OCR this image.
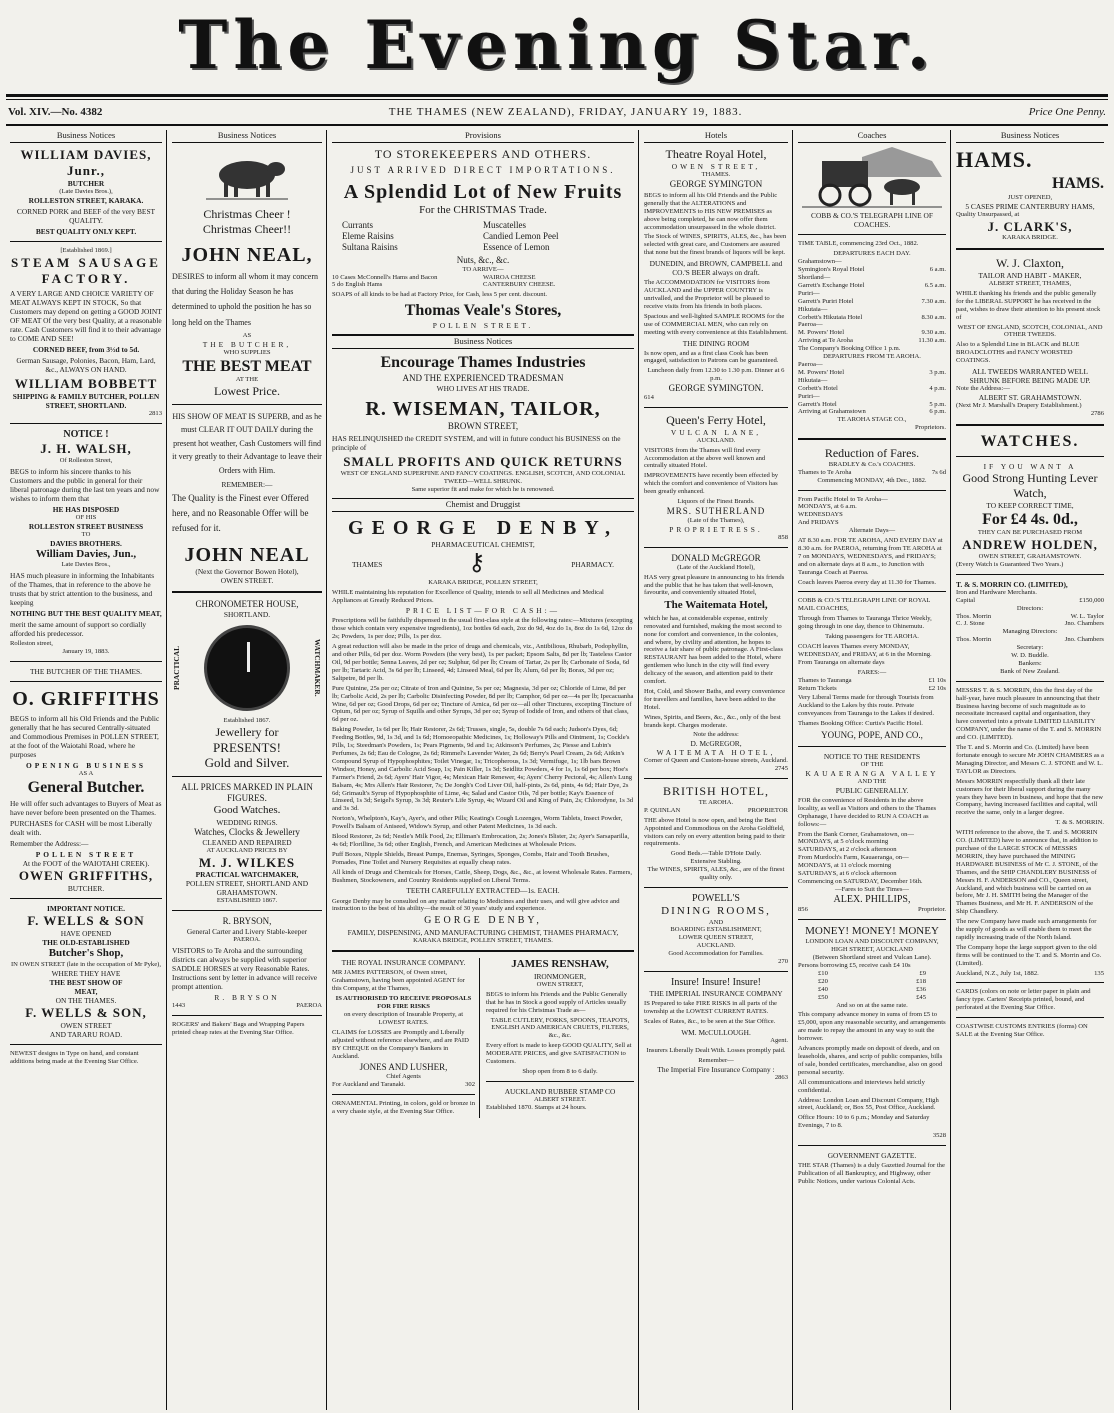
The Evening Star.
Vol. XIV.—No. 4382	THE THAMES (NEW ZEALAND), FRIDAY, JANUARY 19, 1883.	Price One Penny.
Business Notices
WILLIAM DAVIES, Junr.,
BUTCHER
(Late Davies Bros.),
ROLLESTON STREET, KARAKA.

CORNED PORK and BEEF of the very BEST QUALITY.

BEST QUALITY ONLY KEPT.

[Established 1869.]
STEAM SAUSAGE FACTORY.

A VERY LARGE AND CHOICE VARIETY OF MEAT ALWAYS KEPT IN STOCK, So that Customers may depend on getting a GOOD JOINT OF MEAT Of the very best Quality, at a reasonable rate. Cash Customers will find it to their advantage to COME AND SEE!

CORNED BEEF, from 3½d to 5d.

German Sausage, Polonies, Bacon, Ham, Lard, &c., ALWAYS ON HAND.

WILLIAM BOBBETT
SHIPPING & FAMILY BUTCHER, POLLEN STREET, SHORTLAND.
2813
NOTICE !
J. H. WALSH,
Of Rolleston Street,

BEGS to inform his sincere thanks to his Customers and the public in general for their liberal patronage during the last ten years and now wishes to inform them that

HE HAS DISPOSED
OF HIS
ROLLESTON STREET BUSINESS
TO
DAVIES BROTHERS.
William Davies, Jun.,
Late Davies Bros.,

HAS much pleasure in informing the Inhabitants of the Thames, that in reference to the above he trusts that by strict attention to the business, and keeping

NOTHING BUT THE BEST QUALITY MEAT,

merit the same amount of support so cordially afforded his predecessor.

Rolleston street,
January 19, 1883.
THE BUTCHER OF THE THAMES.
O. GRIFFITHS

BEGS to inform all his Old Friends and the Public generally that he has secured Centrally-situated and Commodious Premises in POLLEN STREET, at the foot of the Waiotahi Road, where he purposes

OPENING BUSINESS
AS A
General Butcher.

He will offer such advantages to Buyers of Meat as have never before been presented on the Thames.

PURCHASES for CASH will be most Liberally dealt with.

Remember the Address:—

POLLEN STREET
At the FOOT of the WAIOTAHI CREEK).
OWEN GRIFFITHS,
BUTCHER.
IMPORTANT NOTICE.
F. WELLS & SON
HAVE OPENED
THE OLD-ESTABLISHED
Butcher's Shop,
IN OWEN STREET (late in the occupation of Mr Pyke),
WHERE THEY HAVE
THE BEST SHOW OF
MEAT,
ON THE THAMES.
F. WELLS & SON,
OWEN STREET
AND TARARU ROAD.

NEWEST designs in Type on hand, and constant additions being made at the Evening Star Office.

Business Notices
Christmas Cheer !
Christmas Cheer!!
JOHN NEAL,

DESIRES to inform all whom it may concern that during the Holiday Season he has determined to uphold the position he has so long held on the Thames

AS
THE BUTCHER,
WHO SUPPLIES
THE BEST MEAT
AT THE
Lowest Price.

HIS SHOW OF MEAT IS SUPERB, and as he must CLEAR IT OUT DAILY during the present hot weather, Cash Customers will find it very greatly to their Advantage to leave their Orders with Him.

REMEMBER:—

The Quality is the Finest ever Offered here, and no Reasonable Offer will be refused for it.

JOHN NEAL
(Next the Governor Bowen Hotel),
OWEN STREET.
CHRONOMETER HOUSE,
SHORTLAND.
PRACTICAL	WATCHMAKER.
Established 1867.
Jewellery for
PRESENTS!
Gold and Silver.
ALL PRICES MARKED IN PLAIN FIGURES.
Good Watches.
WEDDING RINGS.
Watches, Clocks & Jewellery
CLEANED AND REPAIRED
AT AUCKLAND PRICES BY
M. J. WILKES
PRACTICAL WATCHMAKER,
POLLEN STREET, SHORTLAND AND GRAHAMSTOWN.
ESTABLISHED 1867.
R. BRYSON,
General Carter and Livery Stable-keeper
PAEROA.

VISITORS to Te Aroha and the surrounding districts can always be supplied with superior SADDLE HORSES at very Reasonable Rates. Instructions sent by letter in advance will receive prompt attention.

R. BRYSON
1443	PAEROA

ROGERS' and Bakers' Bags and Wrapping Papers printed cheap rates at the Evening Star Office.

Provisions
TO STOREKEEPERS AND OTHERS.
JUST ARRIVED DIRECT IMPORTATIONS.
A Splendid Lot of New Fruits
For the CHRISTMAS Trade.
Currants	Muscatelles
Eleme Raisins	Candied Lemon Peel
Sultana Raisins	Essence of Lemon
Nuts, &c., &c.
TO ARRIVE—
10 Cases McConnell's Hams and Bacon	WAIROA CHEESE
5 do English Hams	CANTERBURY CHEESE.

SOAPS of all kinds to be had at Factory Price, for Cash, less 5 per cent. discount.

Thomas Veale's Stores,
POLLEN STREET.
Business Notices
Encourage Thames Industries
AND THE EXPERIENCED TRADESMAN
WHO LIVES AT HIS TRADE.
R. WISEMAN, TAILOR,
BROWN STREET,

HAS RELINQUISHED the CREDIT SYSTEM, and will in future conduct his BUSINESS on the principle of

SMALL PROFITS AND QUICK RETURNS
WEST OF ENGLAND SUPERFINE AND FANCY COATINGS. ENGLISH, SCOTCH, AND COLONIAL TWEED—WELL SHRUNK.
Same superior fit and make for which he is renowned.
Chemist and Druggist
GEORGE DENBY,
PHARMACEUTICAL CHEMIST,
THAMES	⚷	PHARMACY.
KARAKA BRIDGE, POLLEN STREET,

WHILE maintaining his reputation for Excellence of Quality, intends to sell all Medicines and Medical Appliances at Greatly Reduced Prices.

PRICE LIST—FOR CASH:—

Prescriptions will be faithfully dispensed in the usual first-class style at the following rates:—Mixtures (excepting those which contain very expensive ingredients), 1oz bottles 6d each, 2oz do 9d, 4oz do 1s, 8oz do 1s 6d, 12oz do 2s; Powders, 1s per doz; Pills, 1s per doz.

A great reduction will also be made in the price of drugs and chemicals, viz., Antibilious, Rhubarb, Podophyllin, and other Pills, 6d per doz. Worm Powders (the very best), 1s per packet; Epsom Salts, 8d per lb; Tasteless Castor Oil, 9d per bottle; Senna Leaves, 2d per oz; Sulphur, 6d per lb; Cream of Tartar, 2s per lb; Carbonate of Soda, 6d per lb; Tartaric Acid, 3s 6d per lb; Linseed, 4d; Linseed Meal, 6d per lb; Alum, 6d per lb; Borax, 3d per oz; Saltpetre, 8d per lb.

Pure Quinine, 25s per oz; Citrate of Iron and Quinine, 5s per oz; Magnesia, 3d per oz; Chloride of Lime, 8d per lb; Carbolic Acid, 2s per lb; Carbolic Disinfecting Powder, 8d per lb; Camphor, 6d per oz—4s per lb; Ipecacuanha Wine, 6d per oz; Good Drops, 6d per oz; Tincture of Arnica, 6d per oz—all other Tinctures, excepting Tincture of Opium, 6d per oz; Syrup of Squills and other Syrups, 3d per oz; Syrup of Iodide of Iron, and others of that class, 6d per oz.

Baking Powder, 1s 6d per lb; Hair Restorer, 2s 6d; Trusses, single, 5s, double 7s 6d each; Judson's Dyes, 6d; Feeding Bottles, 9d, 1s 3d, and 1s 6d; Homoeopathic Medicines, 1s; Holloway's Pills and Ointment, 1s; Cockle's Pills, 1s; Steedman's Powders, 1s; Pears Pigments, 9d and 1s; Atkinson's Perfumes, 2s; Piesse and Lubin's Perfumes, 2s 6d; Eau de Cologne, 2s 6d; Rimmel's Lavender Water, 2s 6d; Berry's Pearl Cream, 2s 6d; Aitkin's Compound Syrup of Hypophosphites; Toilet Vinegar, 1s; Tricopherous, 1s 3d; Vermifuge, 1s; 1lb bars Brown Windsor, Honey, and Carbolic Acid Soap, 1s; Pain Killer, 1s 3d; Seidlitz Powders, 4 for 1s, 1s 6d per box; Hoe's Farmer's Friend, 2s 6d; Ayers' Hair Vigor, 4s; Mexican Hair Renewer, 4s; Ayers' Cherry Pectoral, 4s; Allen's Lung Balsam, 4s; Mrs Allen's Hair Restorer, 7s; De Jongh's Cod Liver Oil, half-pints, 2s 6d, pints, 4s 6d; Hair Dye, 2s 6d; Grimault's Syrup of Hypophosphite of Lime, 4s; Salad and Castor Oils, 7d per bottle; Kay's Essence of Linseed, 1s 3d; Seigel's Syrup, 3s 3d; Reuter's Life Syrup, 4s; Wizard Oil and King of Pain, 2s; Chlorodyne, 1s 3d and 3s 3d.

Norton's, Whelpton's, Kay's, Ayer's, and other Pills; Keating's Cough Lozenges, Worm Tablets, Insect Powder, Powell's Balsam of Aniseed, Widow's Syrup, and other Patent Medicines, 1s 3d each.

Blood Restorer, 2s 6d; Nestle's Milk Food, 2s; Elliman's Embrocation, 2s; Jones's Blister, 2s; Ayer's Sarsaparilla, 4s 6d; Florilline, 3s 6d; other English, French, and American Medicines at Wholesale Prices.

Puff Boxes, Nipple Shields, Breast Pumps, Enemas, Syringes, Sponges, Combs, Hair and Tooth Brushes, Pomades, Fine Toilet and Nursery Requisites at equally cheap rates.

All kinds of Drugs and Chemicals for Horses, Cattle, Sheep, Dogs, &c., &c., at lowest Wholesale Rates. Farmers, Bushmen, Stockowners, and Country Residents supplied on Liberal Terms.

TEETH CAREFULLY EXTRACTED—1s. EACH.

George Denby may be consulted on any matter relating to Medicines and their uses, and will give advice and instruction to the best of his ability—the result of 30 years' study and experience.

GEORGE DENBY,
FAMILY, DISPENSING, AND MANUFACTURING CHEMIST, THAMES PHARMACY,
KARAKA BRIDGE, POLLEN STREET, THAMES.
THE ROYAL INSURANCE COMPANY.

MR JAMES PATTERSON, of Owen street, Grahamstown, having been appointed AGENT for this Company, at the Thames,

IS AUTHORISED TO RECEIVE PROPOSALS FOR FIRE RISKS
on every description of Insurable Property, at
LOWEST RATES.

CLAIMS for LOSSES are Promptly and Liberally adjusted without reference elsewhere, and are PAID BY CHEQUE on the Company's Bankers in Auckland.

JONES AND LUSHER,
Chief Agents
For Auckland and Taranaki.	302

ORNAMENTAL Printing, in colors, gold or bronze in a very chaste style, at the Evening Star Office.

JAMES RENSHAW,
IRONMONGER,
OWEN STREET,

BEGS to inform his Friends and the Public Generally that he has in Stock a good supply of Articles usually required for his Christmas Trade as—

TABLE CUTLERY, FORKS, SPOONS, TEAPOTS, ENGLISH AND AMERICAN CRUETS, FILTERS, &c., &c.

Every effort is made to keep GOOD QUALITY, Sell at MODERATE PRICES, and give SATISFACTION to Customers.

Shop open from 8 to 6 daily.
AUCKLAND RUBBER STAMP CO
ALBERT STREET.
Established 1870. Stamps at 24 hours.
Hotels
Theatre Royal Hotel,
OWEN STREET,
THAMES.
GEORGE SYMINGTON

BEGS to inform all his Old Friends and the Public generally that the ALTERATIONS and IMPROVEMENTS to HIS NEW PREMISES as above being completed, he can now offer them accommodation unsurpassed in the whole district.

The Stock of WINES, SPIRITS, ALES, &c., has been selected with great care, and Customers are assured that none but the finest brands of liquors will be kept.

DUNEDIN, and BROWN, CAMPBELL and CO.'S BEER always on draft.

The ACCOMMODATION for VISITORS from AUCKLAND and the UPPER COUNTRY is unrivalled, and the Proprietor will be pleased to receive visits from his friends in both places.

Spacious and well-lighted SAMPLE ROOMS for the use of COMMERCIAL MEN, who can rely on meeting with every convenience at this Establishment.

THE DINING ROOM

Is now open, and as a first class Cook has been engaged, satisfaction to Patrons can be guaranteed.

Luncheon daily from 12.30 to 1.30 p.m. Dinner at 6 p.m.
GEORGE SYMINGTON.
614
Queen's Ferry Hotel,
VULCAN LANE,
AUCKLAND.

VISITORS from the Thames will find every Accommodation at the above well known and centrally situated Hotel.

IMPROVEMENTS have recently been effected by which the comfort and convenience of Visitors has been greatly enhanced.

Liquors of the Finest Brands.
MRS. SUTHERLAND
(Late of the Thames),
PROPRIETRESS.
858
DONALD McGREGOR
(Late of the Auckland Hotel),

HAS very great pleasure in announcing to his friends and the public that he has taken that well-known, favourite, and conveniently situated Hotel,

The Waitemata Hotel,

which he has, at considerable expense, entirely renovated and furnished, making the most second to none for comfort and convenience, in the colonies, and where, by civility and attention, he hopes to receive a fair share of public patronage. A First-class RESTAURANT has been added to the Hotel, where gentlemen who lunch in the city will find every delicacy of the season, and attention paid to their comfort.

Hot, Cold, and Shower Baths, and every convenience for travellers and families, have been added to the Hotel.

Wines, Spirits, and Beers, &c., &c., only of the best brands kept. Charges moderate.

Note the address:
D. McGREGOR,
WAITEMATA HOTEL,
Corner of Queen and Custom-house streets, Auckland.
2745
BRITISH HOTEL,
TE AROHA.
P. QUINLAN	PROPRIETOR

THE above Hotel is now open, and being the Best Appointed and Commodious on the Aroha Goldfield, visitors can rely on every attention being paid to their requirements.

Good Beds.—Table D'Hote Daily.
Extensive Stabling.
The WINES, SPIRITS, ALES, &c., are of the finest quality only.
POWELL'S
DINING ROOMS,
AND
BOARDING ESTABLISHMENT,
LOWER QUEEN STREET,
AUCKLAND.
Good Accommodation for Families.
270
Insure! Insure! Insure!
THE IMPERIAL INSURANCE COMPANY

IS Prepared to take FIRE RISKS in all parts of the township at the LOWEST CURRENT RATES.

Scales of Rates, &c., to be seen at the Star Office.

WM. McCULLOUGH.
Agent.

Insurers Liberally Dealt With. Losses promptly paid.

Remember—
The Imperial Fire Insurance Company :
2863
Coaches
COBB & CO.'S TELEGRAPH LINE OF COACHES.

TIME TABLE, commencing 23rd Oct., 1882.

DEPARTURES EACH DAY.
Grahamstown—
Symington's Royal Hotel	6 a.m.
Shortland—
Garrett's Exchange Hotel	6.5 a.m.
Puriri—
Garrett's Puriri Hotel	7.30 a.m.
Hikutaia—
Corbett's Hikutaia Hotel	8.30 a.m.
Paeroa—
M. Powers' Hotel	9.30 a.m.
Arriving at Te Aroha	11.30 a.m.
The Company's Booking Office 1 p.m.
DEPARTURES FROM TE AROHA.
Paeroa—
M. Powers' Hotel	3 p.m.
Hikutaia—
Corbett's Hotel	4 p.m.
Puriri—
Garrett's Hotel	5 p.m.
Arriving at Grahamstown	6 p.m.
TE AROHA STAGE CO.,
Proprietors.
Reduction of Fares.
BRADLEY & Co.'s COACHES.
Thames to Te Aroha	7s 6d
Commencing MONDAY, 4th Dec., 1882.
From Pacific Hotel to Te Aroha—
MONDAYS, at 6 a.m.
WEDNESDAYS
And FRIDAYS
Alternate Days—

AT 8.30 a.m. FOR TE AROHA, AND EVERY DAY at 8.30 a.m. for PAEROA, returning from TE AROHA at 7 on MONDAYS, WEDNESDAYS, and FRIDAYS; and on alternate days at 8 a.m., to Junction with Tauranga Coach at Paeroa.

Coach leaves Paeroa every day at 11.30 for Thames.

COBB & CO.'S TELEGRAPH LINE OF ROYAL MAIL COACHES,

Through from Thames to Tauranga Thrice Weekly, going through in one day, thence to Ohinemutu.

Taking passengers for TE AROHA.

COACH leaves Thames every MONDAY, WEDNESDAY, and FRIDAY, at 6 in the Morning. From Tauranga on alternate days

FARES:—
Thames to Tauranga	£1 10s
Return Tickets	£2 10s

Very Liberal Terms made for through Tourists from Auckland to the Lakes by this route. Private conveyances from Tauranga to the Lakes if desired.

Thames Booking Office: Curtis's Pacific Hotel.

YOUNG, POPE, AND CO.,
NOTICE TO THE RESIDENTS
OF THE
KAUAERANGA VALLEY
AND THE
PUBLIC GENERALLY.

FOR the convenience of Residents in the above locality, as well as Visitors and others to the Thames Orphanage, I have decided to RUN A COACH as follows:—

From the Bank Corner, Grahamstown, on—
MONDAYS, at 5 o'clock morning
SATURDAYS, at 2 o'clock afternoon
From Murdoch's Farm, Kauaeranga, on—
MONDAYS, at 11 o'clock morning
SATURDAYS, at 6 o'clock afternoon
Commencing on SATURDAY, December 16th.
—Fares to Suit the Times—
ALEX. PHILLIPS,
856	Proprietor.
MONEY! MONEY! MONEY
LONDON LOAN AND DISCOUNT COMPANY,
HIGH STREET, AUCKLAND
(Between Shortland street and Vulcan Lane).
Persons borrowing £5, receive cash £4 10s
£10	£9
£20	£18
£40	£36
£50	£45
And so on at the same rate.

This company advance money in sums of from £5 to £5,000, upon any reasonable security, and arrangements are made to repay the amount in any way to suit the borrower.

Advances promptly made on deposit of deeds, and on leaseholds, shares, and scrip of public companies, bills of sale, bonded certificates, merchandise, also on good personal security.

All communications and interviews held strictly confidential.

Address: London Loan and Discount Company, High street, Auckland; or, Box 55, Post Office, Auckland.

Office Hours: 10 to 6 p.m.; Monday and Saturday Evenings, 7 to 8.

3528
GOVERNMENT GAZETTE.

THE STAR (Thames) is a duly Gazetted Journal for the Publication of all Bankruptcy, and Highway, other Public Notices, under various Colonial Acts.

Business Notices
HAMS.
HAMS.
JUST OPENED,
5 CASES PRIME CANTERBURY HAMS,
Quality Unsurpassed, at
J. CLARK'S,
KARAKA BRIDGE.
W. J. Claxton,
TAILOR AND HABIT - MAKER,
ALBERT STREET, THAMES,

WHILE thanking his friends and the public generally for the LIBERAL SUPPORT he has received in the past, wishes to draw their attention to his present stock of

WEST OF ENGLAND, SCOTCH, COLONIAL, AND OTHER TWEEDS.

Also to a Splendid Line in BLACK and BLUE BROADCLOTHS and FANCY WORSTED COATINGS.

ALL TWEEDS WARRANTED WELL SHRUNK BEFORE BEING MADE UP.
Note the Address:—
ALBERT ST. GRAHAMSTOWN.
(Next Mr J. Marshall's Drapery Establishment.)
2786
WATCHES.
IF YOU WANT A
Good Strong Hunting Lever Watch,
TO KEEP CORRECT TIME,
For £4 4s. 0d.,
THEY CAN BE PURCHASED FROM
ANDREW HOLDEN,
OWEN STREET, GRAHAMSTOWN.
(Every Watch is Guaranteed Two Years.)
T. & S. MORRIN CO. (LIMITED),
Iron and Hardware Merchants.
Capital	£150,000
Directors:
Thos. Morrin	W. L. Taylor
C. J. Stone	Jno. Chambers
Managing Directors:
Thos. Morrin	Jno. Chambers
Secretary:
W. D. Buddle.
Bankers:
Bank of New Zealand.

MESSRS T. & S. MORRIN, this the first day of the half-year, have much pleasure in announcing that their Business having become of such magnitude as to necessitate increased capital and organisation, they have converted into a private LIMITED LIABILITY COMPANY, under the name of the T. and S. MORRIN and CO. (LIMITED).

The T. and S. Morrin and Co. (Limited) have been fortunate enough to secure Mr JOHN CHAMBERS as a Managing Director, and Messrs C. J. STONE and W. L. TAYLOR as Directors.

Messrs MORRIN respectfully thank all their late customers for their liberal support during the many years they have been in business, and hope that the new Company, having increased facilities and capital, will receive the same, only in a larger degree.

T. & S. MORRIN.

WITH reference to the above, the T. and S. MORRIN CO. (LIMITED) have to announce that, in addition to purchase of the LARGE STOCK of MESSRS MORRIN, they have purchased the MINING HARDWARE BUSINESS of Mr C. J. STONE, of the Thames, and the SHIP CHANDLERY BUSINESS of Messrs H. F. ANDERSON and CO., Queen street, Auckland, and which business will be carried on as before, Mr J. H. SMITH being the Manager of the Thames Business, and Mr H. F. ANDERSON of the Ship Chandlery.

The new Company have made such arrangements for the supply of goods as will enable them to meet the rapidly increasing trade of the North Island.

The Company hope the large support given to the old firms will be continued to the T. and S. Morrin and Co. (Limited).

Auckland, N.Z., July 1st, 1882.	135

CARDS (colors on note or letter paper in plain and fancy type. Carters' Receipts printed, bound, and perforated at the Evening Star Office.

COASTWISE CUSTOMS ENTRIES (forms) ON SALE at the Evening Star Office.
